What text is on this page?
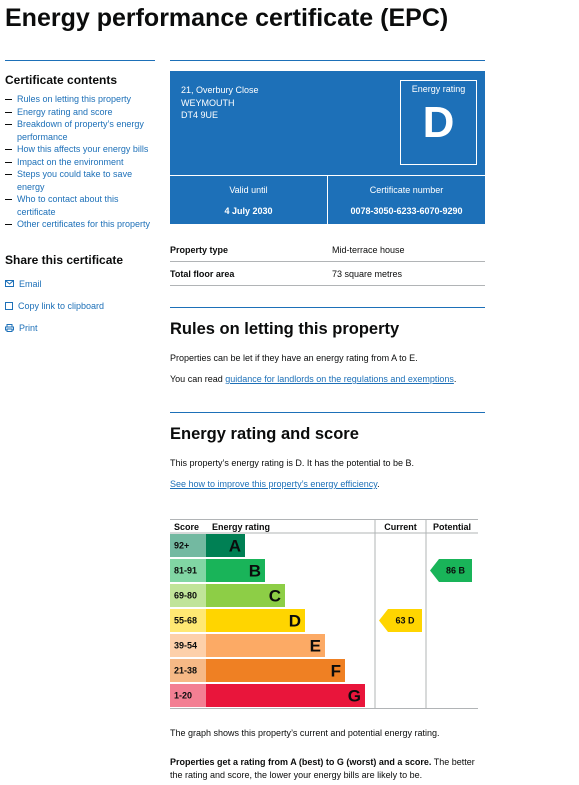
Energy performance certificate (EPC)
Certificate contents
Rules on letting this property
Energy rating and score
Breakdown of property’s energy performance
How this affects your energy bills
Impact on the environment
Steps you could take to save energy
Who to contact about this certificate
Other certificates for this property
Share this certificate
Email
Copy link to clipboard
Print
21, Overbury Close
WEYMOUTH
DT4 9UE
Energy rating
D
Valid until
4 July 2030
Certificate number
0078-3050-6233-6070-9290
Property type	Mid-terrace house
Total floor area	73 square metres
Rules on letting this property

Properties can be let if they have an energy rating from A to E.

You can read guidance for landlords on the regulations and exemptions.

Energy rating and score

This property’s energy rating is D. It has the potential to be B.

See how to improve this property’s energy efficiency.

Score Energy rating	Current Potential
92+ A
81-91	B
69-80	C
55-68	D
39-54	E
21-38	F
1-20	G
63 D
86 B

The graph shows this property’s current and potential energy rating.

Properties get a rating from A (best) to G (worst) and a score. The better the rating and score, the lower your energy bills are likely to be.
